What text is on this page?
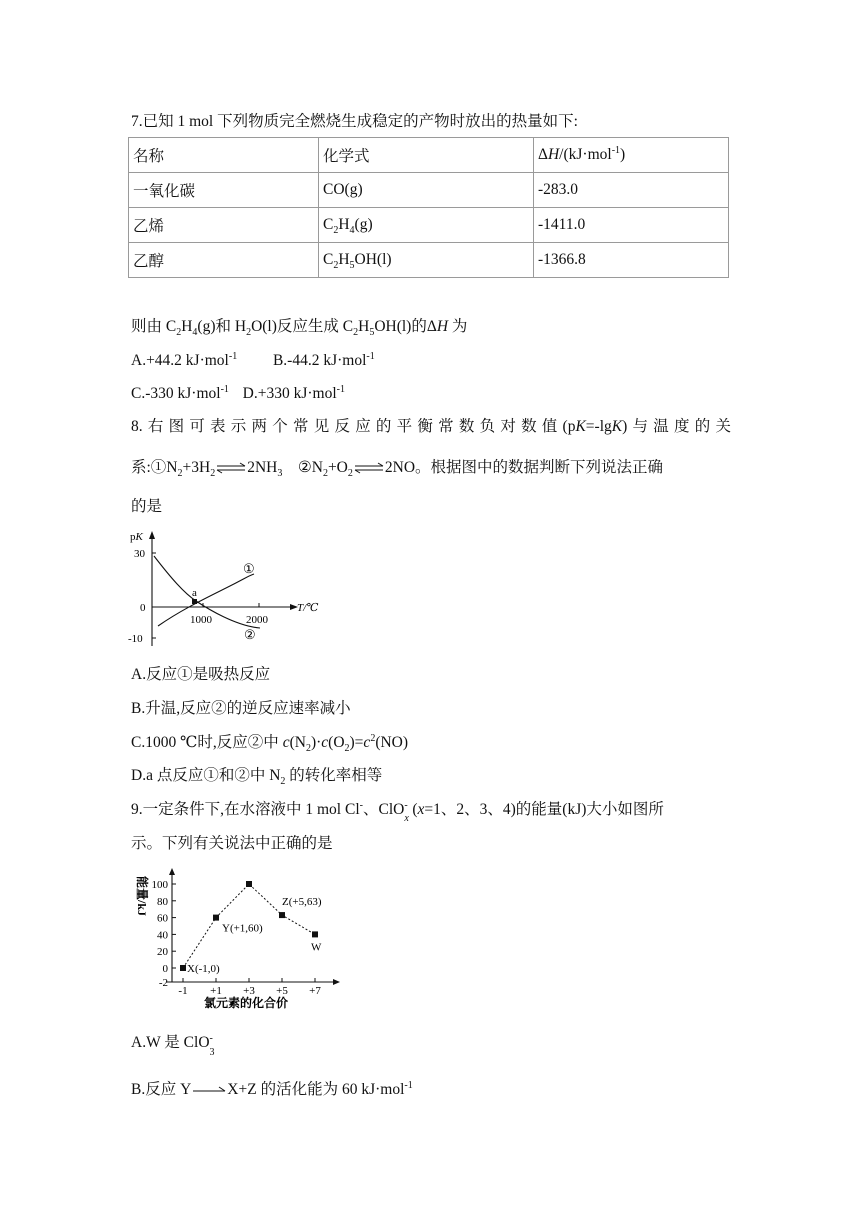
7.已知 1 mol 下列物质完全燃烧生成稳定的产物时放出的热量如下:
名称	化学式	ΔH/(kJ·mol$^{-1}$)
一氧化碳	CO(g)	-283.0
乙烯	$C_2H_4(g)$	-1411.0
乙醇	$C_2H_5OH(l)$	-1366.8
则由 $C_2H_4(g)$和 $H_2O(l)$反应生成 $C_2H_5OH(l)$的ΔH 为
A.+44.2 kJ·mol$^{-1}$ B.-44.2 kJ·mol$^{-1}$
C.-330 kJ·mol$^{-1}$ D.+330 kJ·mol$^{-1}$
8. 右 图 可 表 示 两 个 常 见 反 应 的 平 衡 常 数 负 对 数 值 (pK=-lgK) 与 温 度 的 关
系$:①N_2+3H_2\rightleftharpoons 2NH_3$    $②N_2+O_2\rightleftharpoons 2NO$。根据图中的数据判断下列说法正确
的是
pK
30
0
-10
1000	2000
T/℃
a
①
②
A.反应①是吸热反应
B.升温,反应②的逆反应速率减小
C.1000 ℃时,反应②中 $c(N_2)\cdot c(O_2)=c^2(NO)$
D.a 点反应①和②中 $N_2$ 的转化率相等
9.一定条件下,在水溶液中 1 mol Cl-、ClO -
x
(x=1、2、3、4)的能量(kJ)大小如图所
示。下列有关说法中正确的是
能量/kJ 100
80
60
40
20
0
-2
-1 +1 +3 +5 +7
X(-1,0)
Y(+1,60)
Z(+5,63)
W
氯元素的化合价
A.W 是 ClO -
3
B.反应 Y→X+Z 的活化能为 60 kJ·mol$^{-1}$
